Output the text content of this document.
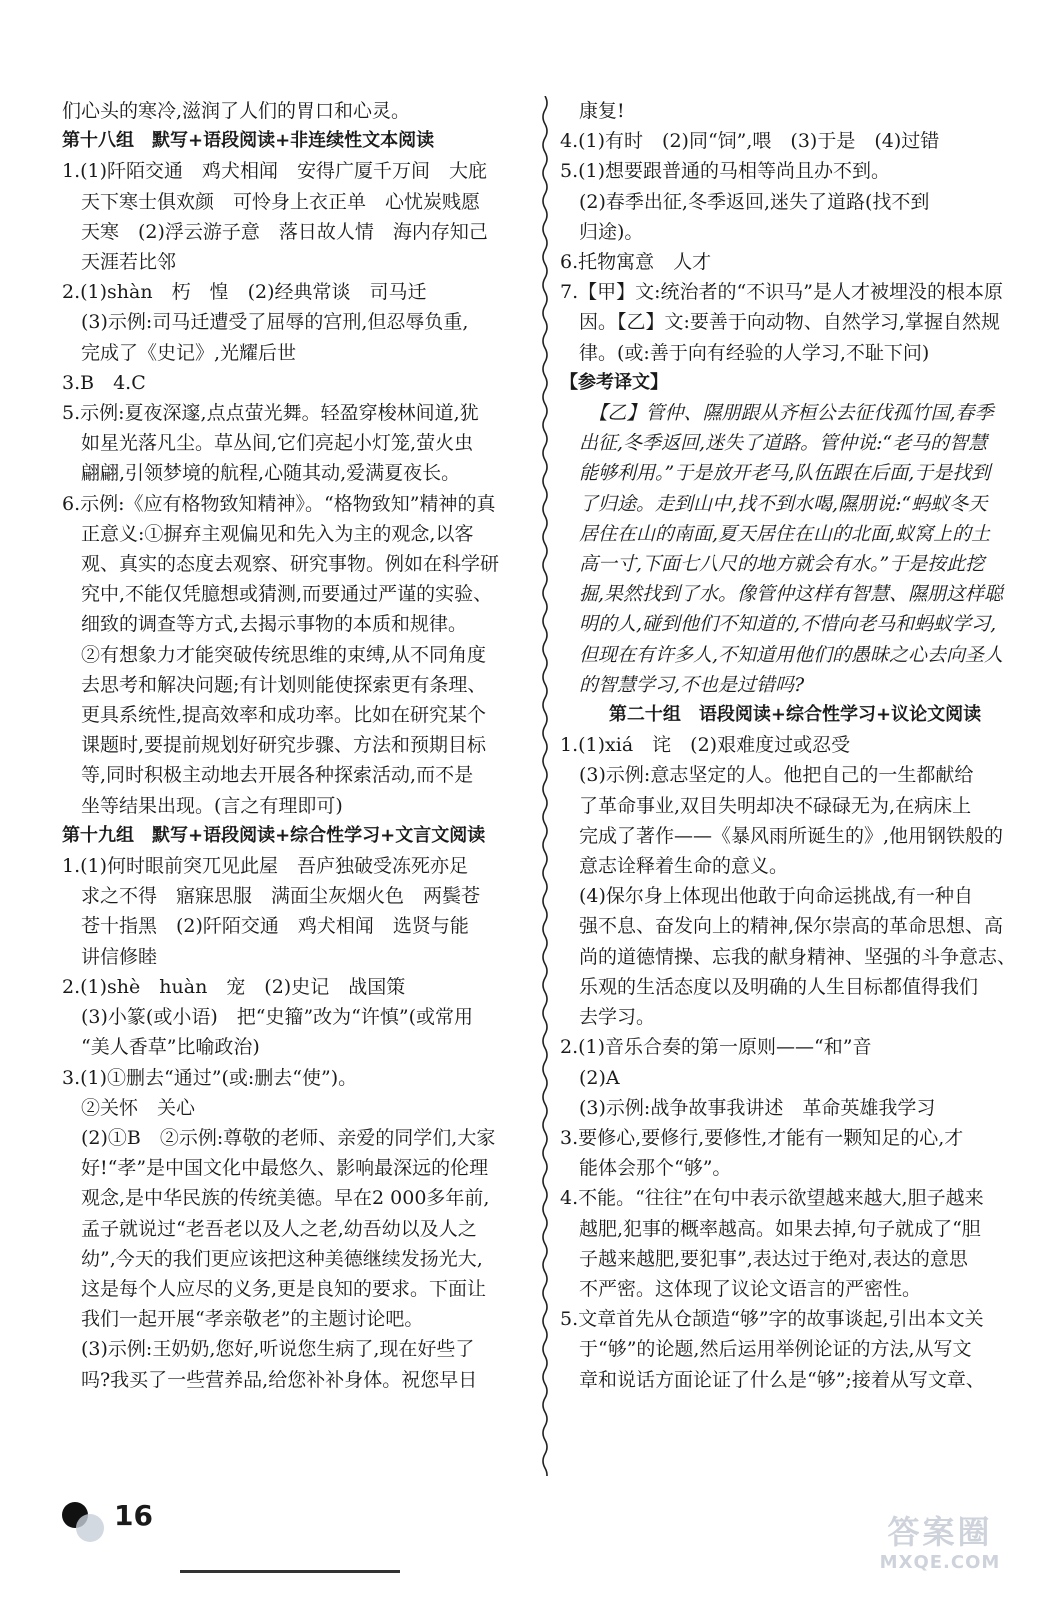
们心头的寒冷,滋润了人们的胃口和心灵。
第十八组　默写+语段阅读+非连续性文本阅读
1.(1)阡陌交通　鸡犬相闻　安得广厦千万间　大庇
　天下寒士俱欢颜　可怜身上衣正单　心忧炭贱愿
　天寒　(2)浮云游子意　落日故人情　海内存知己
　天涯若比邻
2.(1)shàn　朽　惶　(2)经典常谈　司马迁
　(3)示例:司马迁遭受了屈辱的宫刑,但忍辱负重,
　完成了《史记》,光耀后世
3.B　4.C
5.示例:夏夜深邃,点点萤光舞。轻盈穿梭林间道,犹
　如星光落凡尘。草丛间,它们亮起小灯笼,萤火虫
　翩翩,引领梦境的航程,心随其动,爱满夏夜长。
6.示例:《应有格物致知精神》。“格物致知”精神的真
　正意义:①摒弃主观偏见和先入为主的观念,以客
　观、真实的态度去观察、研究事物。例如在科学研
　究中,不能仅凭臆想或猜测,而要通过严谨的实验、
　细致的调查等方式,去揭示事物的本质和规律。
　②有想象力才能突破传统思维的束缚,从不同角度
　去思考和解决问题;有计划则能使探索更有条理、
　更具系统性,提高效率和成功率。比如在研究某个
　课题时,要提前规划好研究步骤、方法和预期目标
　等,同时积极主动地去开展各种探索活动,而不是
　坐等结果出现。(言之有理即可)
第十九组　默写+语段阅读+综合性学习+文言文阅读
1.(1)何时眼前突兀见此屋　吾庐独破受冻死亦足
　求之不得　寤寐思服　满面尘灰烟火色　两鬓苍
　苍十指黑　(2)阡陌交通　鸡犬相闻　选贤与能
　讲信修睦
2.(1)shè　huàn　宠　(2)史记　战国策
　(3)小篆(或小语)　把“史籀”改为“许慎”(或常用
　“美人香草”比喻政治)
3.(1)①删去“通过”(或:删去“使”)。
　②关怀　关心
　(2)①B　②示例:尊敬的老师、亲爱的同学们,大家
　好!“孝”是中国文化中最悠久、影响最深远的伦理
　观念,是中华民族的传统美德。早在2 000多年前,
　孟子就说过“老吾老以及人之老,幼吾幼以及人之
　幼”,今天的我们更应该把这种美德继续发扬光大,
　这是每个人应尽的义务,更是良知的要求。下面让
　我们一起开展“孝亲敬老”的主题讨论吧。
　(3)示例:王奶奶,您好,听说您生病了,现在好些了
　吗?我买了一些营养品,给您补补身体。祝您早日
　康复!
4.(1)有时　(2)同“饲”,喂　(3)于是　(4)过错
5.(1)想要跟普通的马相等尚且办不到。
　(2)春季出征,冬季返回,迷失了道路(找不到
　归途)。
6.托物寓意　人才
7.【甲】文:统治者的“不识马”是人才被埋没的根本原
　因。【乙】文:要善于向动物、自然学习,掌握自然规
　律。(或:善于向有经验的人学习,不耻下问)
【参考译文】
　　【乙】管仲、隰朋跟从齐桓公去征伐孤竹国,春季
　出征,冬季返回,迷失了道路。管仲说:“老马的智慧
　能够利用。”于是放开老马,队伍跟在后面,于是找到
　了归途。走到山中,找不到水喝,隰朋说:“蚂蚁冬天
　居住在山的南面,夏天居住在山的北面,蚁窝上的土
　高一寸,下面七八尺的地方就会有水。”于是按此挖
　掘,果然找到了水。像管仲这样有智慧、隰朋这样聪
　明的人,碰到他们不知道的,不惜向老马和蚂蚁学习,
　但现在有许多人,不知道用他们的愚昧之心去向圣人
　的智慧学习,不也是过错吗?
第二十组　语段阅读+综合性学习+议论文阅读
1.(1)xiá　诧　(2)艰难度过或忍受
　(3)示例:意志坚定的人。他把自己的一生都献给
　了革命事业,双目失明却决不碌碌无为,在病床上
　完成了著作——《暴风雨所诞生的》,他用钢铁般的
　意志诠释着生命的意义。
　(4)保尔身上体现出他敢于向命运挑战,有一种自
　强不息、奋发向上的精神,保尔崇高的革命思想、高
　尚的道德情操、忘我的献身精神、坚强的斗争意志、
　乐观的生活态度以及明确的人生目标都值得我们
　去学习。
2.(1)音乐合奏的第一原则——“和”音
　(2)A
　(3)示例:战争故事我讲述　革命英雄我学习
3.要修心,要修行,要修性,才能有一颗知足的心,才
　能体会那个“够”。
4.不能。“往往”在句中表示欲望越来越大,胆子越来
　越肥,犯事的概率越高。如果去掉,句子就成了“胆
　子越来越肥,要犯事”,表达过于绝对,表达的意思
　不严密。这体现了议论文语言的严密性。
5.文章首先从仓颉造“够”字的故事谈起,引出本文关
　于“够”的论题,然后运用举例论证的方法,从写文
　章和说话方面论证了什么是“够”;接着从写文章、
16	答案圈
MXQE.COM
